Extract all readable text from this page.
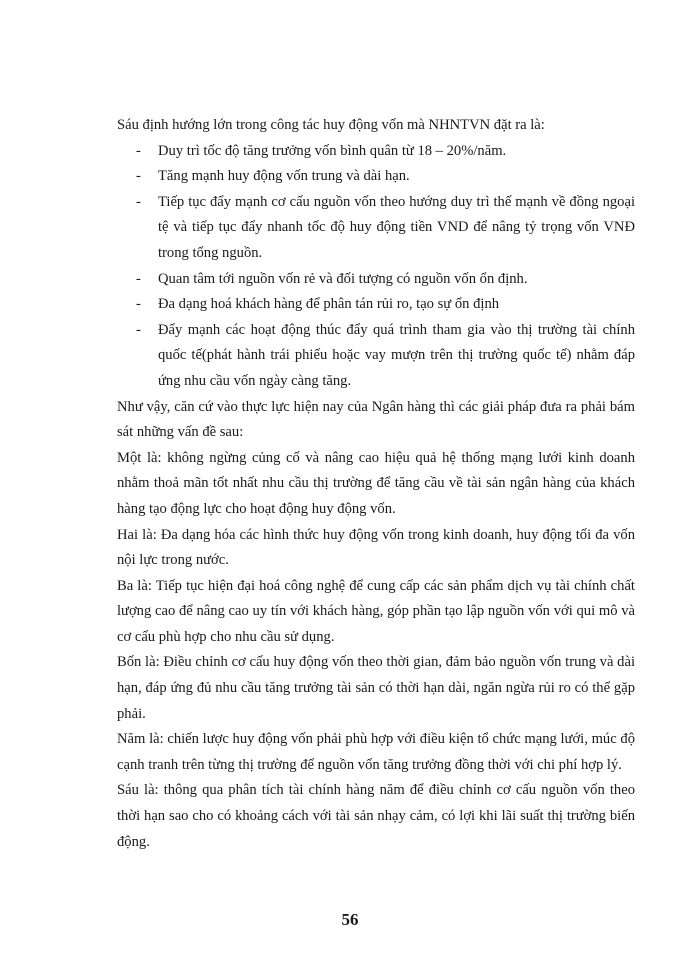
Sáu định hướng lớn trong công tác huy động vốn mà NHNTVN đặt ra là:

- Duy trì tốc độ tăng trưởng vốn bình quân từ 18 – 20%/năm.
- Tăng mạnh huy động vốn trung và dài hạn.
- Tiếp tục đẩy mạnh cơ cấu nguồn vốn theo hướng duy trì thế mạnh về đồng ngoại tệ và tiếp tục đẩy nhanh tốc độ huy động tiền VND để nâng tỷ trọng vốn VNĐ trong tổng nguồn.
- Quan tâm tới nguồn vốn rẻ và đối tượng có nguồn vốn ổn định.
- Đa dạng hoá khách hàng để phân tán rủi ro, tạo sự ổn định
- Đẩy mạnh các hoạt động thúc đẩy quá trình tham gia vào thị trường tài chính quốc tế(phát hành trái phiếu hoặc vay mượn trên thị trường quốc tế) nhằm đáp ứng nhu cầu vốn ngày càng tăng.

Như vậy, căn cứ vào thực lực hiện nay của Ngân hàng thì các giải pháp đưa ra phải bám sát những vấn đề sau:

Một là: không ngừng củng cố và nâng cao hiệu quả hệ thống mạng lưới kinh doanh nhằm thoả mãn tốt nhất nhu cầu thị trường để tăng cầu về tài sản ngân hàng của khách hàng tạo động lực cho hoạt động huy động vốn.

Hai là: Đa dạng hóa các hình thức huy động vốn trong kinh doanh, huy động tối đa vốn nội lực trong nước.

Ba là: Tiếp tục hiện đại hoá công nghệ để cung cấp các sản phẩm dịch vụ tài chính chất lượng cao để nâng cao uy tín với khách hàng, góp phần tạo lập nguồn vốn với qui mô và cơ cấu phù hợp cho nhu cầu sử dụng.

Bốn là: Điều chỉnh cơ cấu huy động vốn theo thời gian, đảm bảo nguồn vốn trung và dài hạn, đáp ứng đủ nhu cầu tăng trưởng tài sản có thời hạn dài, ngăn ngừa rủi ro có thể gặp phải.

Năm là: chiến lược huy động vốn phải phù hợp với điều kiện tổ chức mạng lưới, múc độ cạnh tranh trên từng thị trường để nguồn vốn tăng trưởng đồng thời với chi phí hợp lý.

Sáu là: thông qua phân tích tài chính hàng năm để điều chỉnh cơ cấu nguồn vốn theo thời hạn sao cho có khoảng cách với tài sản nhạy cảm, có lợi khi lãi suất thị trường biến động.

56
